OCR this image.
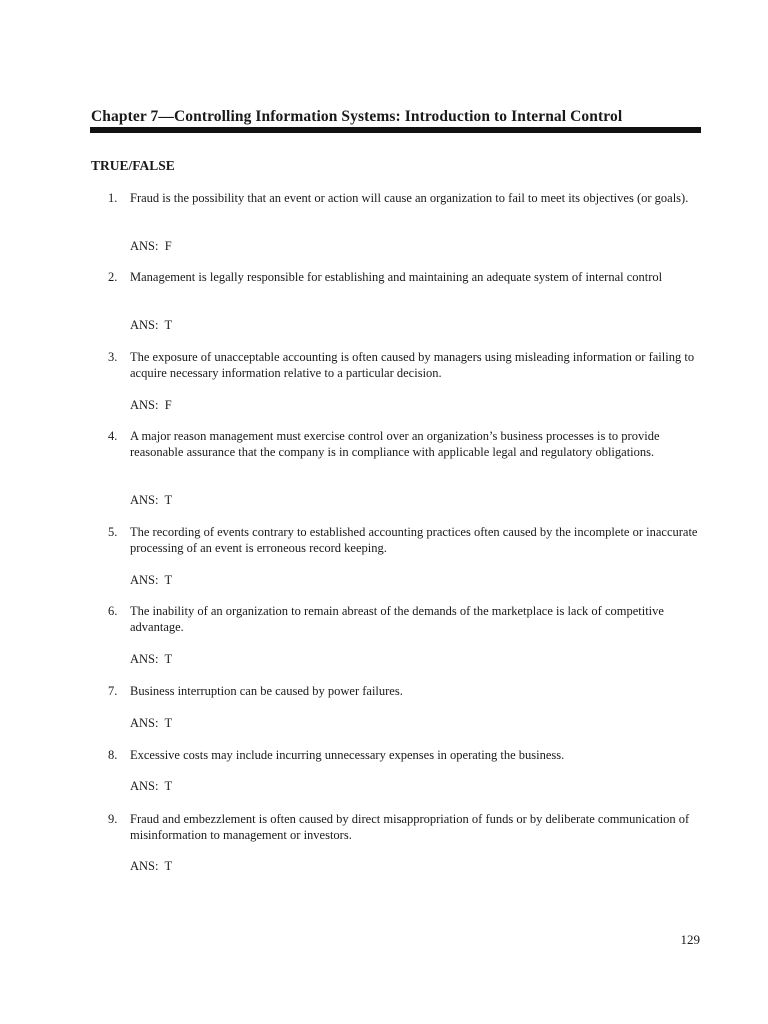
Chapter 7—Controlling Information Systems: Introduction to Internal Control
TRUE/FALSE
1. Fraud is the possibility that an event or action will cause an organization to fail to meet its objectives (or goals).
ANS:  F
2. Management is legally responsible for establishing and maintaining an adequate system of internal control
ANS:  T
3. The exposure of unacceptable accounting is often caused by managers using misleading information or failing to acquire necessary information relative to a particular decision.
ANS:  F
4. A major reason management must exercise control over an organization’s business processes is to provide reasonable assurance that the company is in compliance with applicable legal and regulatory obligations.
ANS:  T
5. The recording of events contrary to established accounting practices often caused by the incomplete or inaccurate processing of an event is erroneous record keeping.
ANS:  T
6. The inability of an organization to remain abreast of the demands of the marketplace is lack of competitive advantage.
ANS:  T
7. Business interruption can be caused by power failures.
ANS:  T
8. Excessive costs may include incurring unnecessary expenses in operating the business.
ANS:  T
9. Fraud and embezzlement is often caused by direct misappropriation of funds or by deliberate communication of misinformation to management or investors.
ANS:  T
129
